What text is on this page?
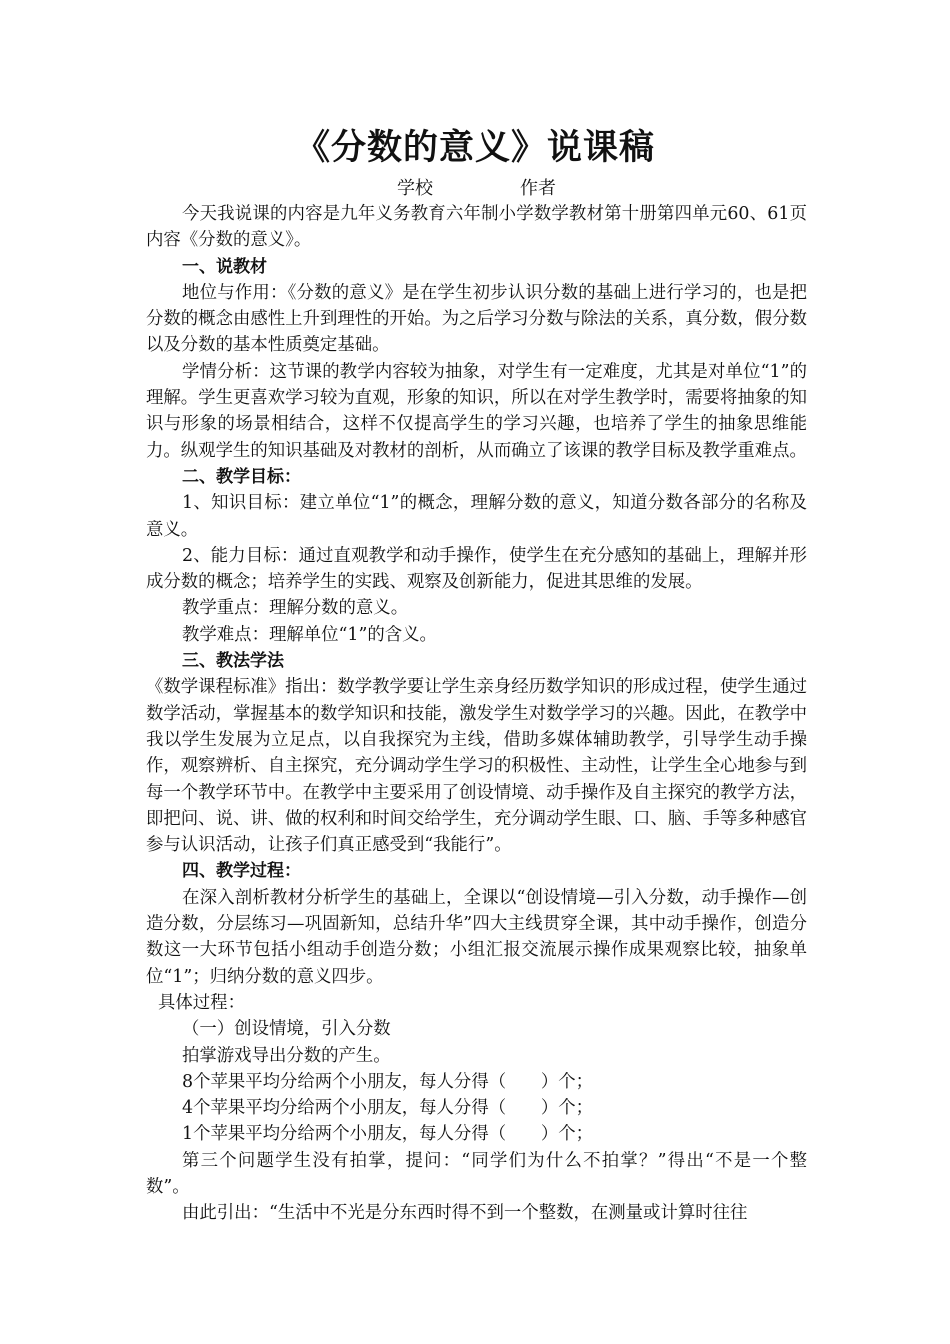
《分数的意义》说课稿
学校	作者

今天我说课的内容是九年义务教育六年制小学数学教材第十册第四单元60、61页内容《分数的意义》。

一、说教材

地位与作用：《分数的意义》是在学生初步认识分数的基础上进行学习的，也是把分数的概念由感性上升到理性的开始。为之后学习分数与除法的关系，真分数，假分数以及分数的基本性质奠定基础。

学情分析：这节课的教学内容较为抽象，对学生有一定难度，尤其是对单位“1”的理解。学生更喜欢学习较为直观，形象的知识，所以在对学生教学时，需要将抽象的知识与形象的场景相结合，这样不仅提高学生的学习兴趣，也培养了学生的抽象思维能力。纵观学生的知识基础及对教材的剖析，从而确立了该课的教学目标及教学重难点。

二、教学目标：

1、知识目标：建立单位“1”的概念，理解分数的意义，知道分数各部分的名称及意义。

2、能力目标：通过直观教学和动手操作，使学生在充分感知的基础上，理解并形成分数的概念；培养学生的实践、观察及创新能力，促进其思维的发展。

教学重点：理解分数的意义。

教学难点：理解单位“1”的含义。

三、教法学法

《数学课程标准》指出：数学教学要让学生亲身经历数学知识的形成过程，使学生通过数学活动，掌握基本的数学知识和技能，激发学生对数学学习的兴趣。因此，在教学中我以学生发展为立足点，以自我探究为主线，借助多媒体辅助教学，引导学生动手操作，观察辨析、自主探究，充分调动学生学习的积极性、主动性，让学生全心地参与到每一个教学环节中。在教学中主要采用了创设情境、动手操作及自主探究的教学方法，即把问、说、讲、做的权利和时间交给学生，充分调动学生眼、口、脑、手等多种感官参与认识活动，让孩子们真正感受到“我能行”。

四、教学过程：

在深入剖析教材分析学生的基础上，全课以“创设情境—引入分数，动手操作—创造分数，分层练习—巩固新知，总结升华”四大主线贯穿全课，其中动手操作，创造分数这一大环节包括小组动手创造分数；小组汇报交流展示操作成果观察比较，抽象单位“1”；归纳分数的意义四步。

具体过程：

（一）创设情境，引入分数

拍掌游戏导出分数的产生。

8个苹果平均分给两个小朋友，每人分得（　　）个；

4个苹果平均分给两个小朋友，每人分得（　　）个；

1个苹果平均分给两个小朋友，每人分得（　　）个；

第三个问题学生没有拍掌，提问：“同学们为什么不拍掌？”得出“不是一个整数”。

由此引出：“生活中不光是分东西时得不到一个整数，在测量或计算时往往
